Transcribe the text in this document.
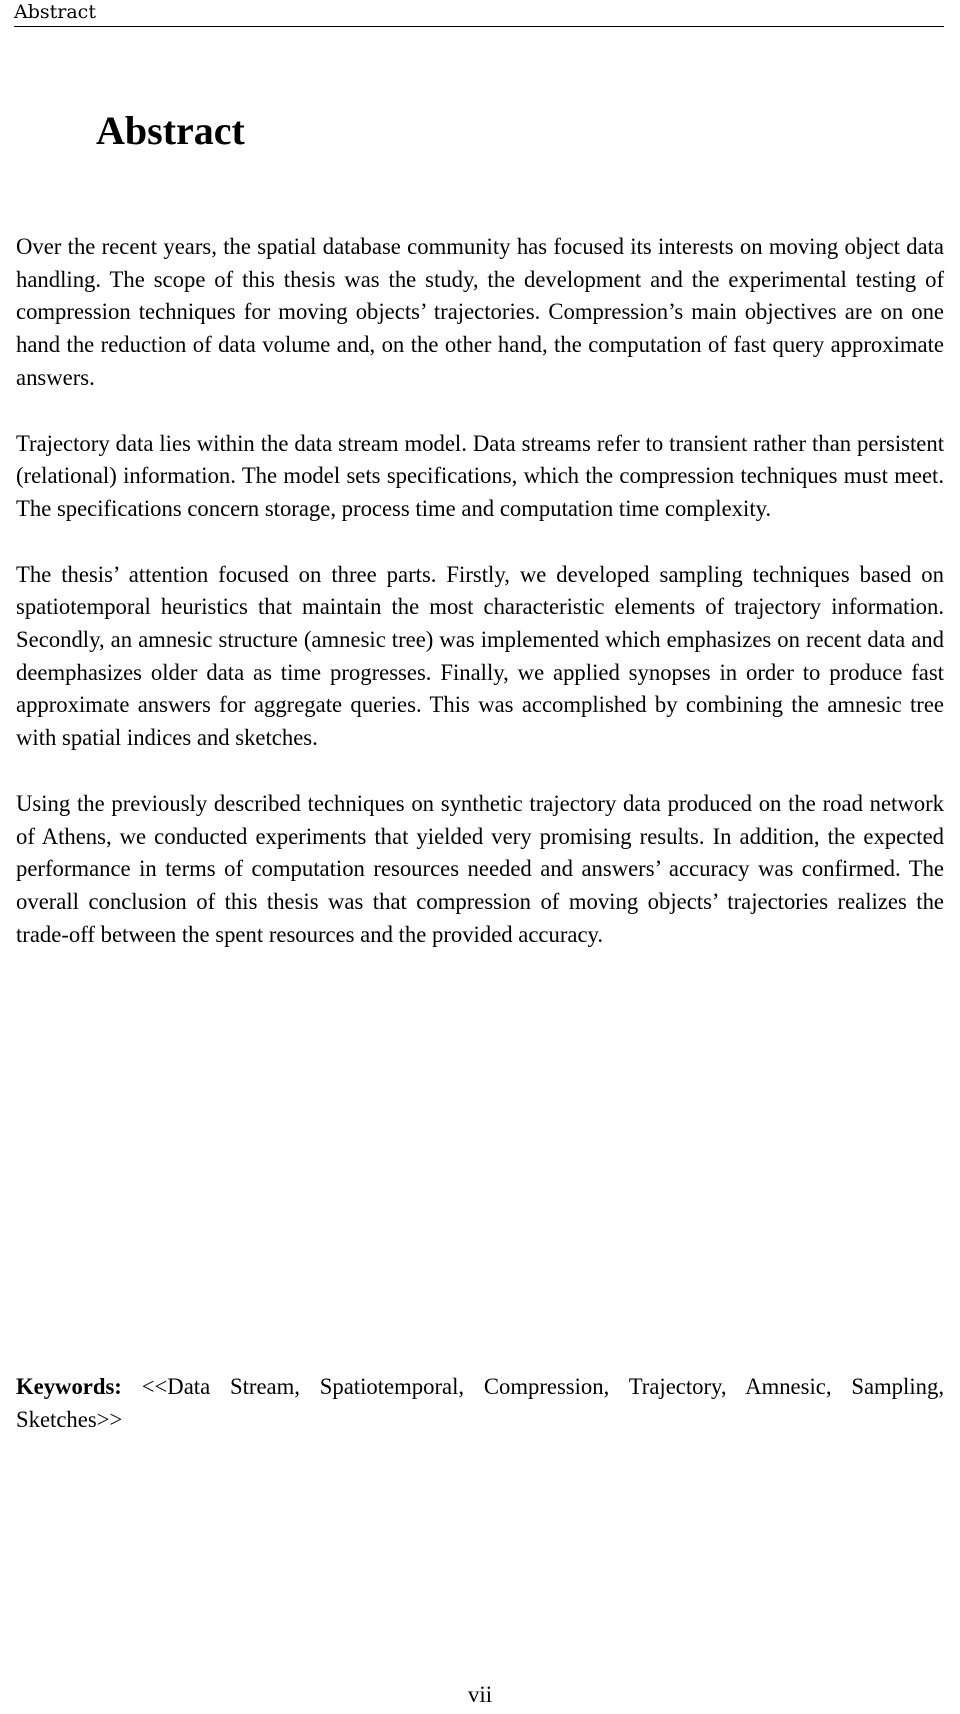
Abstract
Abstract

Over the recent years, the spatial database community has focused its interests on moving object data handling. The scope of this thesis was the study, the development and the experimental testing of compression techniques for moving objects’ trajectories. Compression’s main objectives are on one hand the reduction of data volume and, on the other hand, the computation of fast query approximate answers.

Trajectory data lies within the data stream model. Data streams refer to transient rather than persistent (relational) information. The model sets specifications, which the compression techniques must meet. The specifications concern storage, process time and computation time complexity.

The thesis’ attention focused on three parts. Firstly, we developed sampling techniques based on spatiotemporal heuristics that maintain the most characteristic elements of trajectory information. Secondly, an amnesic structure (amnesic tree) was implemented which emphasizes on recent data and deemphasizes older data as time progresses. Finally, we applied synopses in order to produce fast approximate answers for aggregate queries. This was accomplished by combining the amnesic tree with spatial indices and sketches.

Using the previously described techniques on synthetic trajectory data produced on the road network of Athens, we conducted experiments that yielded very promising results. In addition, the expected performance in terms of computation resources needed and answers’ accuracy was confirmed. The overall conclusion of this thesis was that compression of moving objects’ trajectories realizes the trade-off between the spent resources and the provided accuracy.

Keywords: <<Data Stream, Spatiotemporal, Compression, Trajectory, Amnesic, Sampling, Sketches>>

vii
